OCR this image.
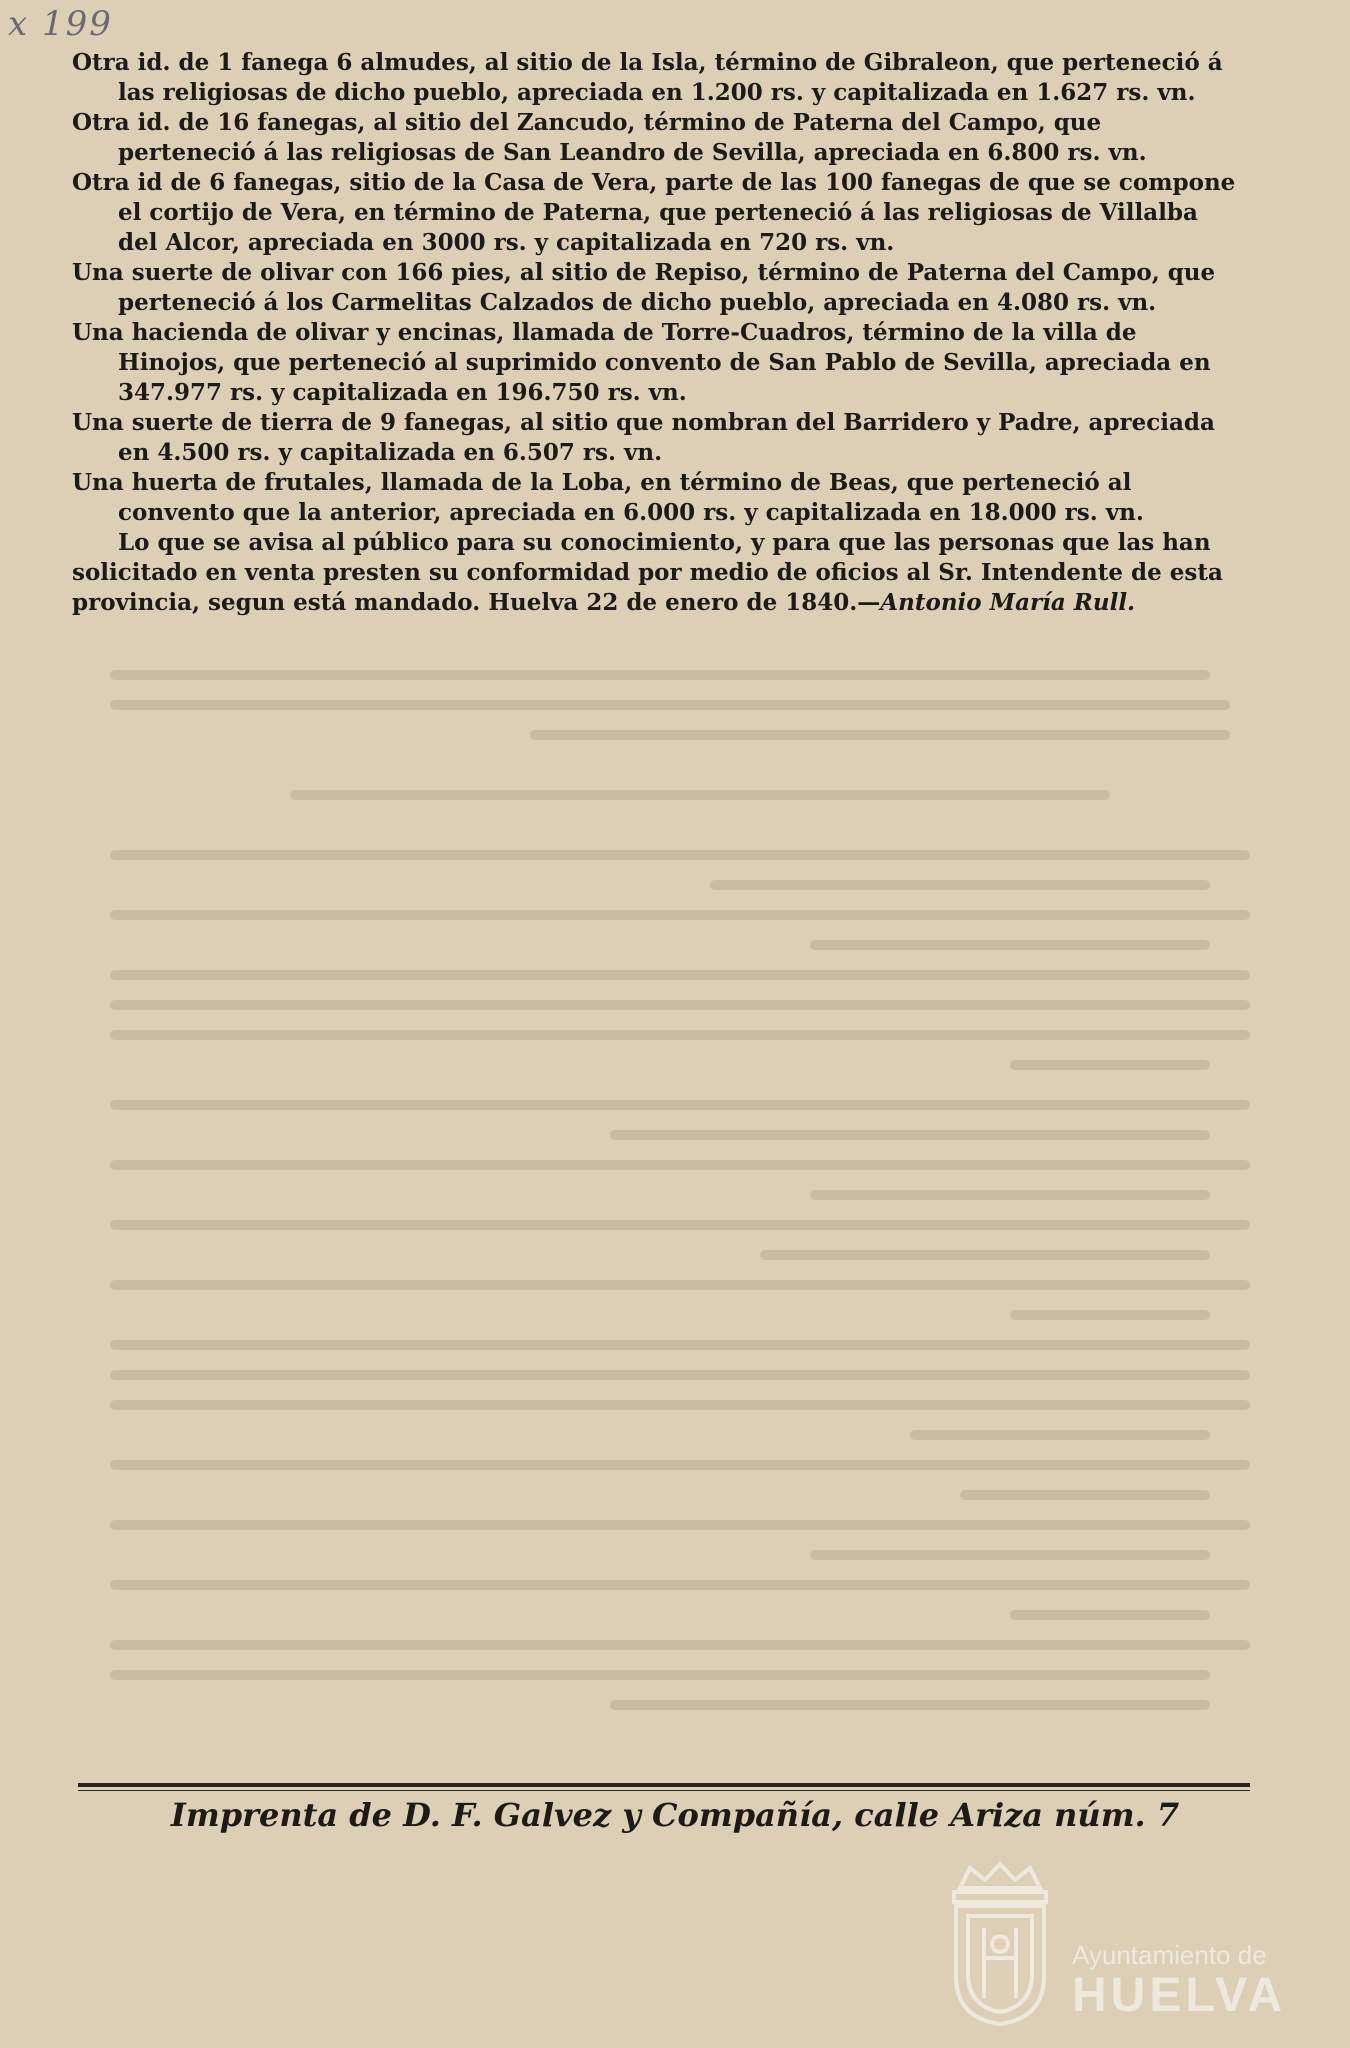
x 199

Otra id. de 1 fanega 6 almudes, al sitio de la Isla, término de Gibraleon, que perteneció á las religiosas de dicho pueblo, apreciada en 1.200 rs. y capitalizada en 1.627 rs. vn.

Otra id. de 16 fanegas, al sitio del Zancudo, término de Paterna del Campo, que perteneció á las religiosas de San Leandro de Sevilla, apreciada en 6.800 rs. vn.

Otra id de 6 fanegas, sitio de la Casa de Vera, parte de las 100 fanegas de que se compone el cortijo de Vera, en término de Paterna, que perteneció á las religiosas de Villalba del Alcor, apreciada en 3000 rs. y capitalizada en 720 rs. vn.

Una suerte de olivar con 166 pies, al sitio de Repiso, término de Paterna del Campo, que perteneció á los Carmelitas Calzados de dicho pueblo, apreciada en 4.080 rs. vn.

Una hacienda de olivar y encinas, llamada de Torre-Cuadros, término de la villa de Hinojos, que perteneció al suprimido convento de San Pablo de Sevilla, apreciada en 347.977 rs. y capitalizada en 196.750 rs. vn.

Una suerte de tierra de 9 fanegas, al sitio que nombran del Barridero y Padre, apreciada en 4.500 rs. y capitalizada en 6.507 rs. vn.

Una huerta de frutales, llamada de la Loba, en término de Beas, que perteneció al convento que la anterior, apreciada en 6.000 rs. y capitalizada en 18.000 rs. vn.

Lo que se avisa al público para su conocimiento, y para que las personas que las han solicitado en venta presten su conformidad por medio de oficios al Sr. Intendente de esta provincia, segun está mandado. Huelva 22 de enero de 1840.—Antonio María Rull.

Imprenta de D. F. Galvez y Compañía, calle Ariza núm. 7
Ayuntamiento de
HUELVA
